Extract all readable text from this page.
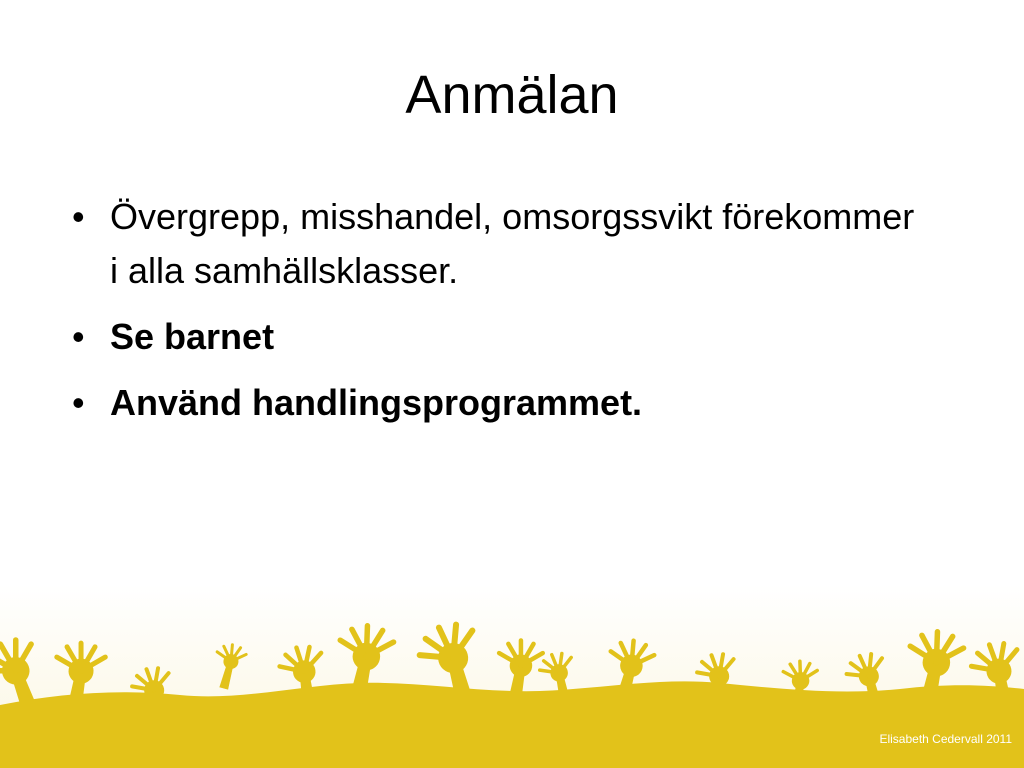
Anmälan
• Övergrepp, misshandel, omsorgssvikt förekommer i alla samhällsklasser.
• Se barnet
• Använd handlingsprogrammet.
Elisabeth Cedervall 2011
